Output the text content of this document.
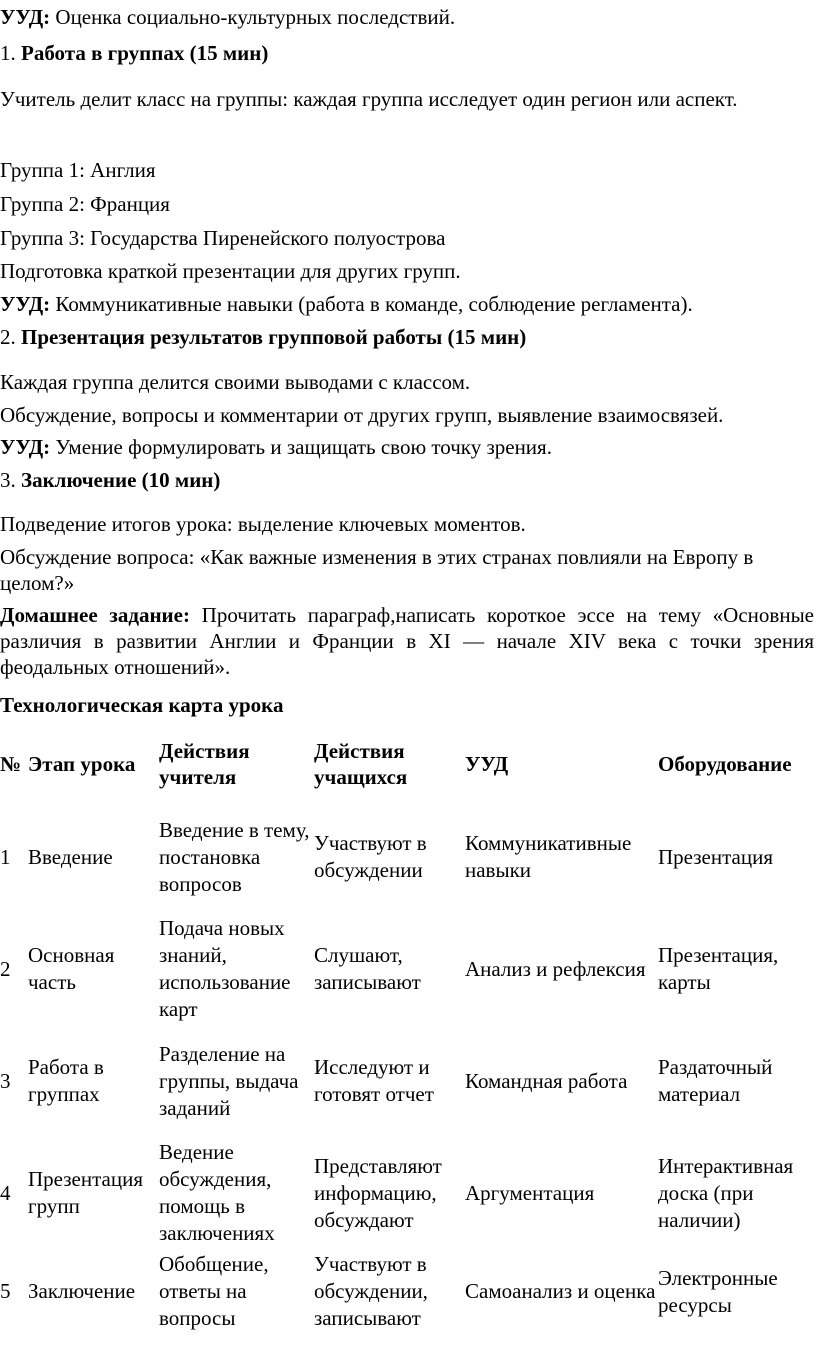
УУД: Оценка социально-культурных последствий.

1. Работа в группах (15 мин)

Учитель делит класс на группы: каждая группа исследует один регион или аспект.

Группа 1: Англия

Группа 2: Франция

Группа 3: Государства Пиренейского полуострова

Подготовка краткой презентации для других групп.

УУД: Коммуникативные навыки (работа в команде, соблюдение регламента).

2. Презентация результатов групповой работы (15 мин)

Каждая группа делится своими выводами с классом.

Обсуждение, вопросы и комментарии от других групп, выявление взаимосвязей.

УУД: Умение формулировать и защищать свою точку зрения.

3. Заключение (10 мин)

Подведение итогов урока: выделение ключевых моментов.

Обсуждение вопроса: «Как важные изменения в этих странах повлияли на Европу в целом?»

Домашнее задание: Прочитать параграф,написать короткое эссе на тему «Основные различия в развитии Англии и Франции в XI — начале XIV века с точки зрения феодальных отношений».

Технологическая карта урока

№	Этап урока	Действия учителя	Действия учащихся	УУД	Оборудование
1	Введение	Введение в тему, постановка вопросов	Участвуют в обсуждении	Коммуникативные навыки	Презентация
2	Основная часть	Подача новых знаний, использование карт	Слушают, записывают	Анализ и рефлексия	Презентация, карты
3	Работа в группах	Разделение на группы, выдача заданий	Исследуют и готовят отчет	Командная работа	Раздаточный материал
4	Презентация групп	Ведение обсуждения, помощь в заключениях	Представляют информацию, обсуждают	Аргументация	Интерактивная доска (при наличии)
5	Заключение	Обобщение, ответы на вопросы	Участвуют в обсуждении, записывают	Самоанализ и оценка	Электронные ресурсы
